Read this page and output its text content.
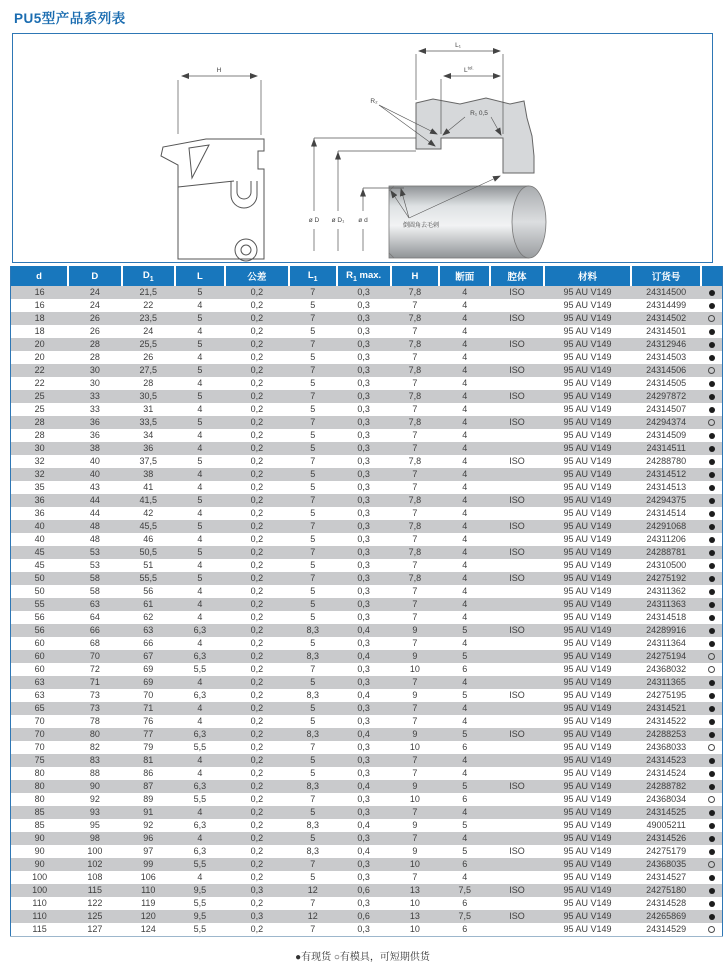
PU5型产品系列表
H
L₁
$L^{tol.}$
ø D ø D₁ ø d
R₁ 0,5
R₂
倒圆角去毛刺
d	D	$D_1$	L	公差	$L_1$	$R_1$ max.	H	断面	腔体	材料	订货号	
16	24	21,5	5	0,2	7	0,3	7,8	4	ISO	95 AU V149	24314500	
16	24	22	4	0,2	5	0,3	7	4		95 AU V149	24314499	
18	26	23,5	5	0,2	7	0,3	7,8	4	ISO	95 AU V149	24314502	
18	26	24	4	0,2	5	0,3	7	4		95 AU V149	24314501	
20	28	25,5	5	0,2	7	0,3	7,8	4	ISO	95 AU V149	24312946	
20	28	26	4	0,2	5	0,3	7	4		95 AU V149	24314503	
22	30	27,5	5	0,2	7	0,3	7,8	4	ISO	95 AU V149	24314506	
22	30	28	4	0,2	5	0,3	7	4		95 AU V149	24314505	
25	33	30,5	5	0,2	7	0,3	7,8	4	ISO	95 AU V149	24297872	
25	33	31	4	0,2	5	0,3	7	4		95 AU V149	24314507	
28	36	33,5	5	0,2	7	0,3	7,8	4	ISO	95 AU V149	24294374	
28	36	34	4	0,2	5	0,3	7	4		95 AU V149	24314509	
30	38	36	4	0,2	5	0,3	7	4		95 AU V149	24314511	
32	40	37,5	5	0,2	7	0,3	7,8	4	ISO	95 AU V149	24288780	
32	40	38	4	0,2	5	0,3	7	4		95 AU V149	24314512	
35	43	41	4	0,2	5	0,3	7	4		95 AU V149	24314513	
36	44	41,5	5	0,2	7	0,3	7,8	4	ISO	95 AU V149	24294375	
36	44	42	4	0,2	5	0,3	7	4		95 AU V149	24314514	
40	48	45,5	5	0,2	7	0,3	7,8	4	ISO	95 AU V149	24291068	
40	48	46	4	0,2	5	0,3	7	4		95 AU V149	24311206	
45	53	50,5	5	0,2	7	0,3	7,8	4	ISO	95 AU V149	24288781	
45	53	51	4	0,2	5	0,3	7	4		95 AU V149	24310500	
50	58	55,5	5	0,2	7	0,3	7,8	4	ISO	95 AU V149	24275192	
50	58	56	4	0,2	5	0,3	7	4		95 AU V149	24311362	
55	63	61	4	0,2	5	0,3	7	4		95 AU V149	24311363	
56	64	62	4	0,2	5	0,3	7	4		95 AU V149	24314518	
56	66	63	6,3	0,2	8,3	0,4	9	5	ISO	95 AU V149	24289916	
60	68	66	4	0,2	5	0,3	7	4		95 AU V149	24311364	
60	70	67	6,3	0,2	8,3	0,4	9	5		95 AU V149	24275194	
60	72	69	5,5	0,2	7	0,3	10	6		95 AU V149	24368032	
63	71	69	4	0,2	5	0,3	7	4		95 AU V149	24311365	
63	73	70	6,3	0,2	8,3	0,4	9	5	ISO	95 AU V149	24275195	
65	73	71	4	0,2	5	0,3	7	4		95 AU V149	24314521	
70	78	76	4	0,2	5	0,3	7	4		95 AU V149	24314522	
70	80	77	6,3	0,2	8,3	0,4	9	5	ISO	95 AU V149	24288253	
70	82	79	5,5	0,2	7	0,3	10	6		95 AU V149	24368033	
75	83	81	4	0,2	5	0,3	7	4		95 AU V149	24314523	
80	88	86	4	0,2	5	0,3	7	4		95 AU V149	24314524	
80	90	87	6,3	0,2	8,3	0,4	9	5	ISO	95 AU V149	24288782	
80	92	89	5,5	0,2	7	0,3	10	6		95 AU V149	24368034	
85	93	91	4	0,2	5	0,3	7	4		95 AU V149	24314525	
85	95	92	6,3	0,2	8,3	0,4	9	5		95 AU V149	49005211	
90	98	96	4	0,2	5	0,3	7	4		95 AU V149	24314526	
90	100	97	6,3	0,2	8,3	0,4	9	5	ISO	95 AU V149	24275179	
90	102	99	5,5	0,2	7	0,3	10	6		95 AU V149	24368035	
100	108	106	4	0,2	5	0,3	7	4		95 AU V149	24314527	
100	115	110	9,5	0,3	12	0,6	13	7,5	ISO	95 AU V149	24275180	
110	122	119	5,5	0,2	7	0,3	10	6		95 AU V149	24314528	
110	125	120	9,5	0,3	12	0,6	13	7,5	ISO	95 AU V149	24265869	
115	127	124	5,5	0,2	7	0,3	10	6		95 AU V149	24314529	
●有现货 ○有模具，可短期供货
